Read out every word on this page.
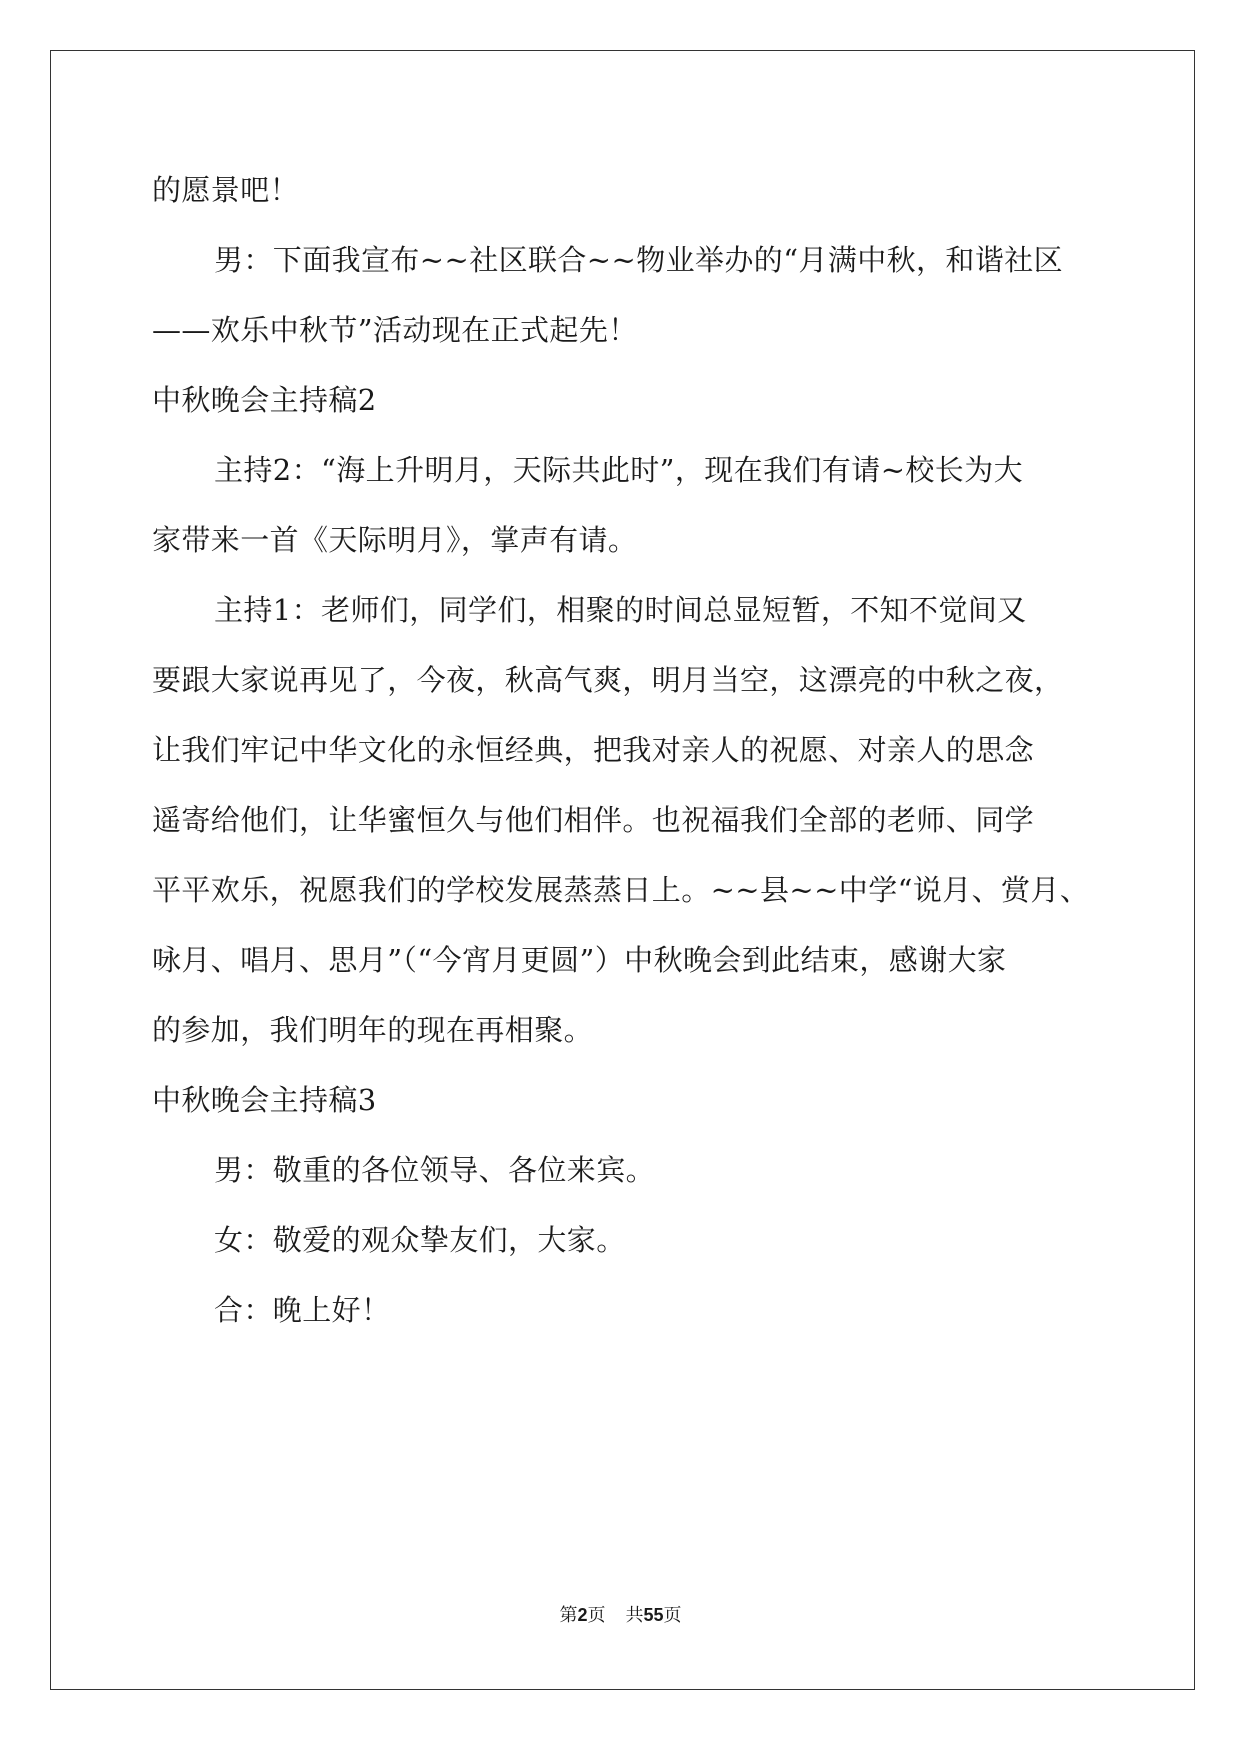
的愿景吧！
男：下面我宣布~~社区联合~~物业举办的“月满中秋，和谐社区
——欢乐中秋节”活动现在正式起先！
中秋晚会主持稿2
主持2：“海上升明月，天际共此时”，现在我们有请~校长为大
家带来一首《天际明月》，掌声有请。
主持1：老师们，同学们，相聚的时间总显短暂，不知不觉间又
要跟大家说再见了，今夜，秋高气爽，明月当空，这漂亮的中秋之夜，
让我们牢记中华文化的永恒经典，把我对亲人的祝愿、对亲人的思念
遥寄给他们，让华蜜恒久与他们相伴。也祝福我们全部的老师、同学
平平欢乐，祝愿我们的学校发展蒸蒸日上。~~县~~中学“说月、赏月、
咏月、唱月、思月”（“今宵月更圆”）中秋晚会到此结束，感谢大家
的参加，我们明年的现在再相聚。
中秋晚会主持稿3
男：敬重的各位领导、各位来宾。
女：敬爱的观众挚友们，大家。
合：晚上好！
第2页 共55页
